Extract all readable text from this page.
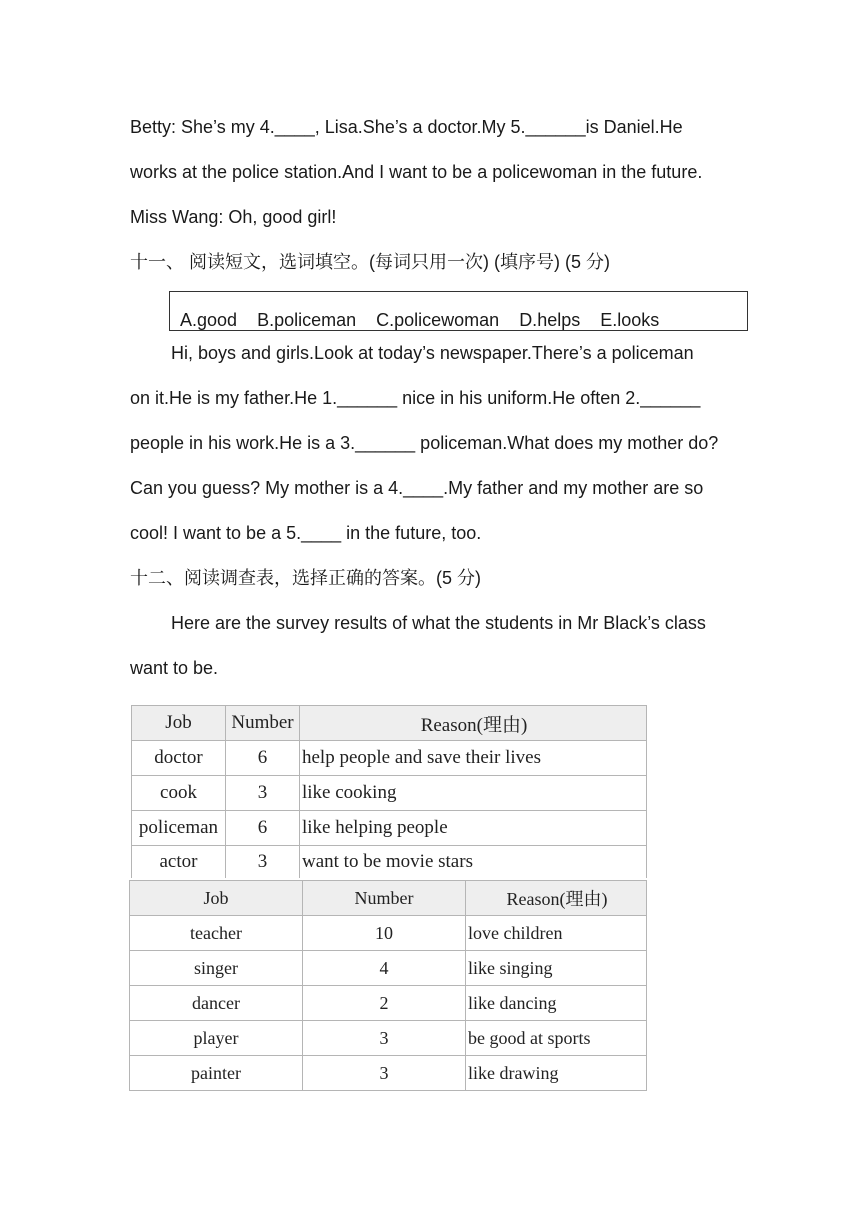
Betty: She’s my 4.____, Lisa.She’s a doctor.My 5.______is Daniel.He
works at the police station.And I want to be a policewoman in the future.
Miss Wang: Oh, good girl!
十一、 阅读短文，选词填空。(每词只用一次) (填序号) (5 分)
A.good B.policeman C.policewoman D.helps E.looks
Hi, boys and girls.Look at today’s newspaper.There’s a policeman
on it.He is my father.He 1.______ nice in his uniform.He often 2.______
people in his work.He is a 3.______ policeman.What does my mother do?
Can you guess? My mother is a 4.____.My father and my mother are so
cool! I want to be a 5.____ in the future, too.
十二、阅读调查表，选择正确的答案。(5 分)
Here are the survey results of what the students in Mr Black’s class
want to be.
Job	Number	Reason(理由)
doctor	6	help people and save their lives
cook	3	like cooking
policeman	6	like helping people
actor	3	want to be movie stars
Job	Number	Reason(理由)
teacher	10	love children
singer	4	like singing
dancer	2	like dancing
player	3	be good at sports
painter	3	like drawing
